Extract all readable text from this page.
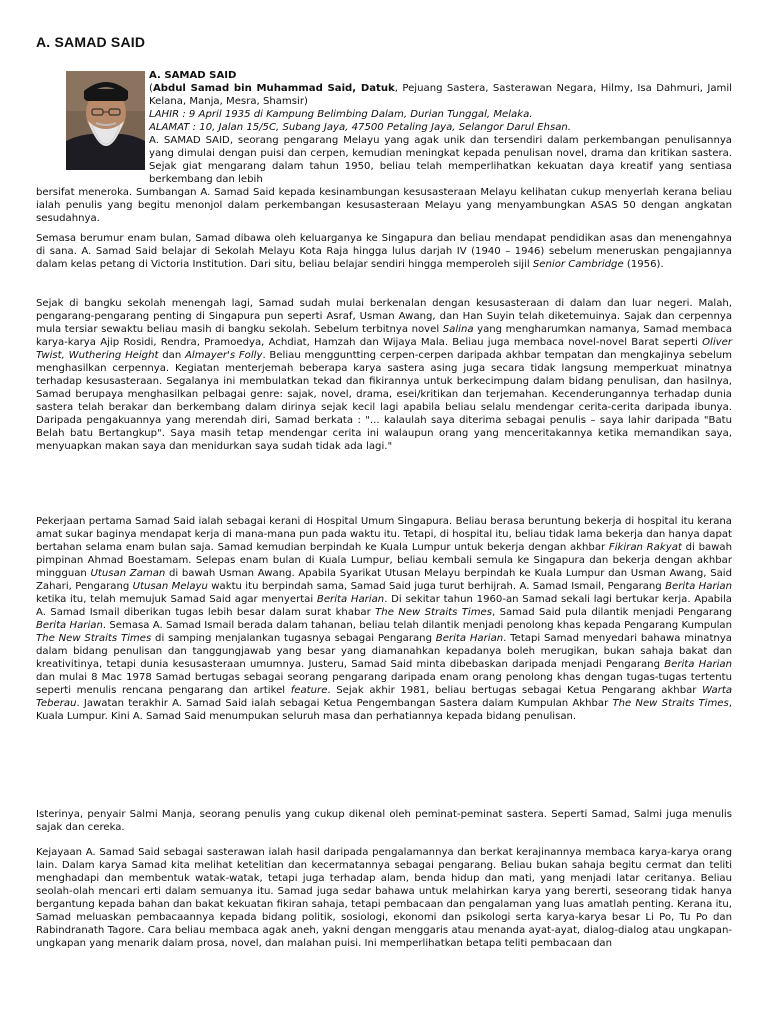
A. SAMAD SAID
A. SAMAD SAID
(Abdul Samad bin Muhammad Said, Datuk, Pejuang Sastera, Sasterawan Negara, Hilmy, Isa Dahmuri, Jamil Kelana, Manja, Mesra, Shamsir)
LAHIR : 9 April 1935 di Kampung Belimbing Dalam, Durian Tunggal, Melaka.
ALAMAT : 10, Jalan 15/5C, Subang Jaya, 47500 Petaling Jaya, Selangor Darul Ehsan.
A. SAMAD SAID, seorang pengarang Melayu yang agak unik dan tersendiri dalam perkembangan penulisannya yang dimulai dengan puisi dan cerpen, kemudian meningkat kepada penulisan novel, drama dan kritikan sastera. Sejak giat mengarang dalam tahun 1950, beliau telah memperlihatkan kekuatan daya kreatif yang sentiasa berkembang dan lebih
bersifat meneroka. Sumbangan A. Samad Said kepada kesinambungan kesusasteraan Melayu kelihatan cukup menyerlah kerana beliau ialah penulis yang begitu menonjol dalam perkembangan kesusasteraan Melayu yang menyambungkan ASAS 50 dengan angkatan sesudahnya.

Semasa berumur enam bulan, Samad dibawa oleh keluarganya ke Singapura dan beliau mendapat pendidikan asas dan menengahnya di sana. A. Samad Said belajar di Sekolah Melayu Kota Raja hingga lulus darjah IV (1940 – 1946) sebelum meneruskan pengajiannya dalam kelas petang di Victoria Institution. Dari situ, beliau belajar sendiri hingga memperoleh sijil Senior Cambridge (1956).

Sejak di bangku sekolah menengah lagi, Samad sudah mulai berkenalan dengan kesusasteraan di dalam dan luar negeri. Malah, pengarang-pengarang penting di Singapura pun seperti Asraf, Usman Awang, dan Han Suyin telah diketemuinya. Sajak dan cerpennya mula tersiar sewaktu beliau masih di bangku sekolah. Sebelum terbitnya novel Salina yang mengharumkan namanya, Samad membaca karya-karya Ajip Rosidi, Rendra, Pramoedya, Achdiat, Hamzah dan Wijaya Mala. Beliau juga membaca novel-novel Barat seperti Oliver Twist, Wuthering Height dan Almayer's Folly. Beliau mengguntting cerpen-cerpen daripada akhbar tempatan dan mengkajinya sebelum menghasilkan cerpennya. Kegiatan menterjemah beberapa karya sastera asing juga secara tidak langsung memperkuat minatnya terhadap kesusasteraan. Segalanya ini membulatkan tekad dan fikirannya untuk berkecimpung dalam bidang penulisan, dan hasilnya, Samad berupaya menghasilkan pelbagai genre: sajak, novel, drama, esei/kritikan dan terjemahan. Kecenderungannya terhadap dunia sastera telah berakar dan berkembang dalam dirinya sejak kecil lagi apabila beliau selalu mendengar cerita-cerita daripada ibunya. Daripada pengakuannya yang merendah diri, Samad berkata : "... kalaulah saya diterima sebagai penulis – saya lahir daripada "Batu Belah batu Bertangkup". Saya masih tetap mendengar cerita ini walaupun orang yang menceritakannya ketika memandikan saya, menyuapkan makan saya dan menidurkan saya sudah tidak ada lagi."

Pekerjaan pertama Samad Said ialah sebagai kerani di Hospital Umum Singapura. Beliau berasa beruntung bekerja di hospital itu kerana amat sukar baginya mendapat kerja di mana-mana pun pada waktu itu. Tetapi, di hospital itu, beliau tidak lama bekerja dan hanya dapat bertahan selama enam bulan saja. Samad kemudian berpindah ke Kuala Lumpur untuk bekerja dengan akhbar Fikiran Rakyat di bawah pimpinan Ahmad Boestamam. Selepas enam bulan di Kuala Lumpur, beliau kembali semula ke Singapura dan bekerja dengan akhbar mingguan Utusan Zaman di bawah Usman Awang. Apabila Syarikat Utusan Melayu berpindah ke Kuala Lumpur dan Usman Awang, Said Zahari, Pengarang Utusan Melayu waktu itu berpindah sama, Samad Said juga turut berhijrah. A. Samad Ismail, Pengarang Berita Harian ketika itu, telah memujuk Samad Said agar menyertai Berita Harian. Di sekitar tahun 1960-an Samad sekali lagi bertukar kerja. Apabila A. Samad Ismail diberikan tugas lebih besar dalam surat khabar The New Straits Times, Samad Said pula dilantik menjadi Pengarang Berita Harian. Semasa A. Samad Ismail berada dalam tahanan, beliau telah dilantik menjadi penolong khas kepada Pengarang Kumpulan The New Straits Times di samping menjalankan tugasnya sebagai Pengarang Berita Harian. Tetapi Samad menyedari bahawa minatnya dalam bidang penulisan dan tanggungjawab yang besar yang diamanahkan kepadanya boleh merugikan, bukan sahaja bakat dan kreativitinya, tetapi dunia kesusasteraan umumnya. Justeru, Samad Said minta dibebaskan daripada menjadi Pengarang Berita Harian dan mulai 8 Mac 1978 Samad bertugas sebagai seorang pengarang daripada enam orang penolong khas dengan tugas-tugas tertentu seperti menulis rencana pengarang dan artikel feature. Sejak akhir 1981, beliau bertugas sebagai Ketua Pengarang akhbar Warta Teberau. Jawatan terakhir A. Samad Said ialah sebagai Ketua Pengembangan Sastera dalam Kumpulan Akhbar The New Straits Times, Kuala Lumpur. Kini A. Samad Said menumpukan seluruh masa dan perhatiannya kepada bidang penulisan.

Isterinya, penyair Salmi Manja, seorang penulis yang cukup dikenal oleh peminat-peminat sastera. Seperti Samad, Salmi juga menulis sajak dan cereka.

Kejayaan A. Samad Said sebagai sasterawan ialah hasil daripada pengalamannya dan berkat kerajinannya membaca karya-karya orang lain. Dalam karya Samad kita melihat ketelitian dan kecermatannya sebagai pengarang. Beliau bukan sahaja begitu cermat dan teliti menghadapi dan membentuk watak-watak, tetapi juga terhadap alam, benda hidup dan mati, yang menjadi latar ceritanya. Beliau seolah-olah mencari erti dalam semuanya itu. Samad juga sedar bahawa untuk melahirkan karya yang bererti, seseorang tidak hanya bergantung kepada bahan dan bakat kekuatan fikiran sahaja, tetapi pembacaan dan pengalaman yang luas amatlah penting. Kerana itu, Samad meluaskan pembacaannya kepada bidang politik, sosiologi, ekonomi dan psikologi serta karya-karya besar Li Po, Tu Po dan Rabindranath Tagore. Cara beliau membaca agak aneh, yakni dengan menggaris atau menanda ayat-ayat, dialog-dialog atau ungkapan-ungkapan yang menarik dalam prosa, novel, dan malahan puisi. Ini memperlihatkan betapa teliti pembacaan dan
